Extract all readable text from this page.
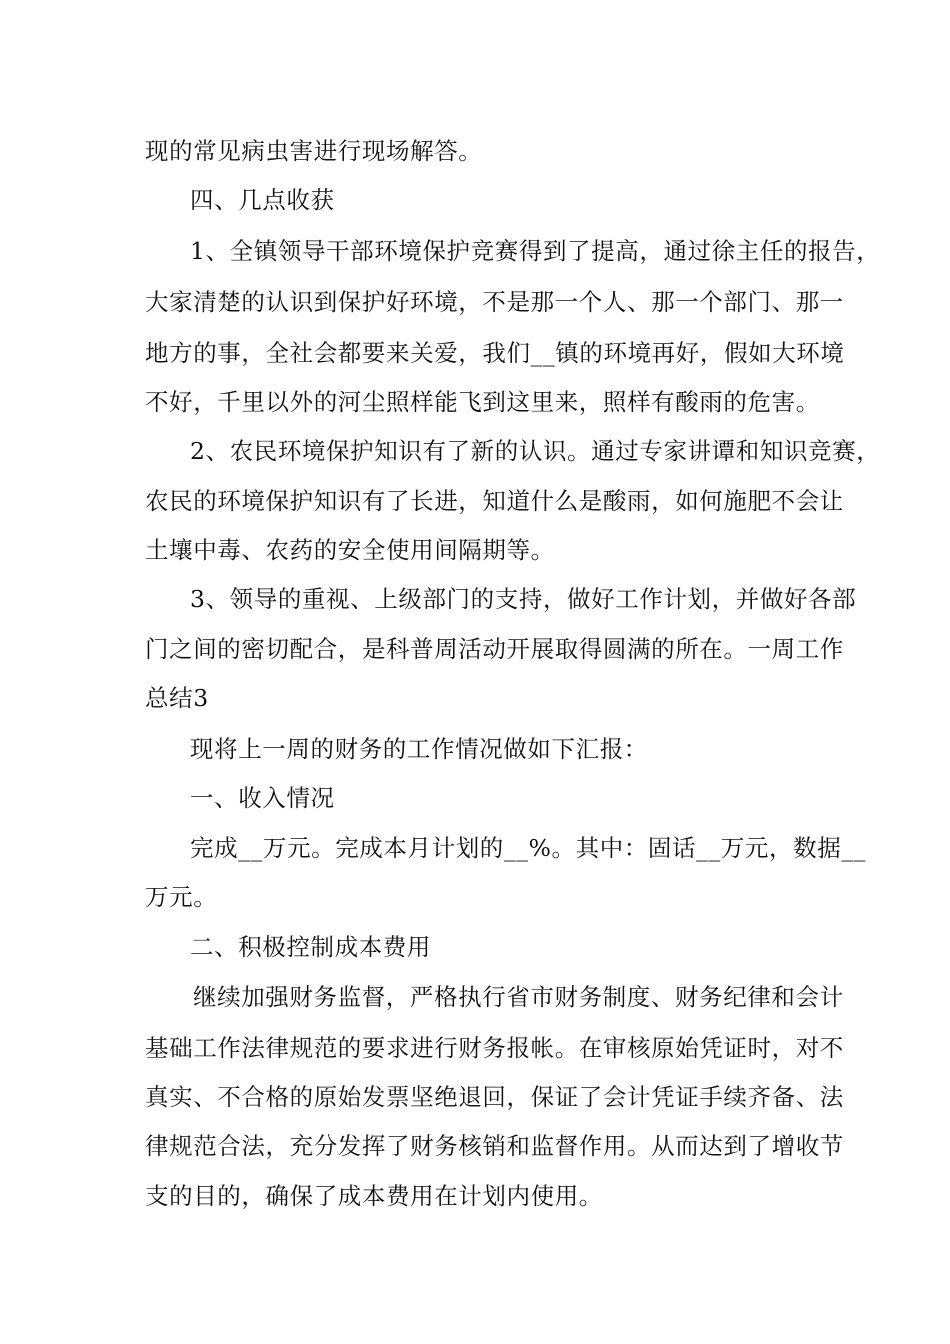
现的常见病虫害进行现场解答。
四、几点收获
1、全镇领导干部环境保护竞赛得到了提高，通过徐主任的报告，
大家清楚的认识到保护好环境，不是那一个人、那一个部门、那一
地方的事，全社会都要来关爱，我们__镇的环境再好，假如大环境
不好，千里以外的河尘照样能飞到这里来，照样有酸雨的危害。
2、农民环境保护知识有了新的认识。通过专家讲谭和知识竞赛，
农民的环境保护知识有了长进，知道什么是酸雨，如何施肥不会让
土壤中毒、农药的安全使用间隔期等。
3、领导的重视、上级部门的支持，做好工作计划，并做好各部
门之间的密切配合，是科普周活动开展取得圆满的所在。一周工作
总结3
现将上一周的财务的工作情况做如下汇报：
一、收入情况
完成__万元。完成本月计划的__%。其中：固话__万元，数据__
万元。
二、积极控制成本费用
继续加强财务监督，严格执行省市财务制度、财务纪律和会计
基础工作法律规范的要求进行财务报帐。在审核原始凭证时，对不
真实、不合格的原始发票坚绝退回，保证了会计凭证手续齐备、法
律规范合法，充分发挥了财务核销和监督作用。从而达到了增收节
支的目的，确保了成本费用在计划内使用。
